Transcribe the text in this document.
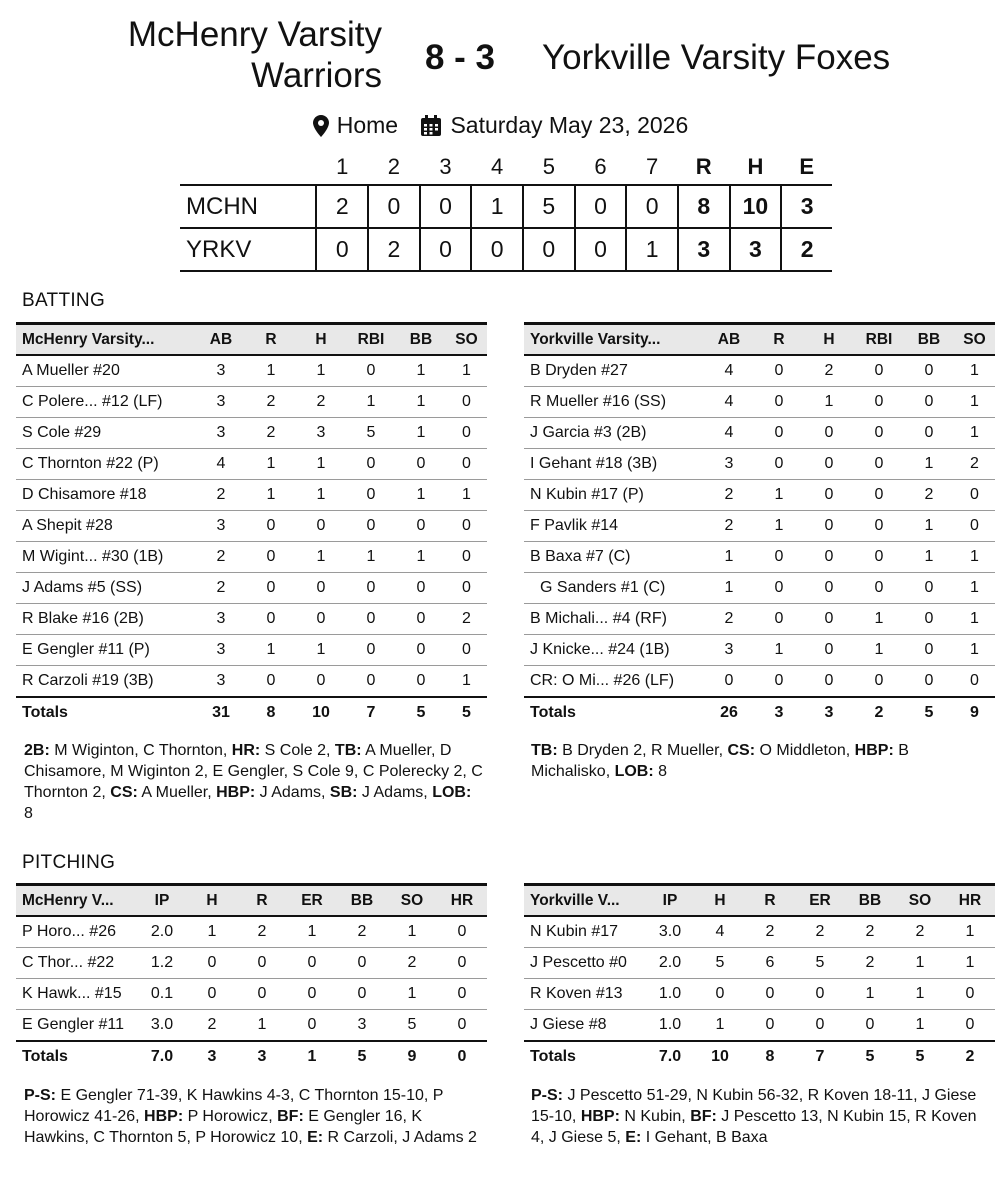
McHenry Varsity
Warriors	8 - 3	Yorkville Varsity Foxes
Home
Saturday May 23, 2026
	1	2	3	4	5	6	7	R	H	E
MCHN	2	0	0	1	5	0	0	8	10	3
YRKV	0	2	0	0	0	0	1	3	3	2
BATTING
McHenry Varsity...	AB	R	H	RBI	BB	SO
A Mueller #20	3	1	1	0	1	1
C Polere... #12 (LF)	3	2	2	1	1	0
S Cole #29	3	2	3	5	1	0
C Thornton #22 (P)	4	1	1	0	0	0
D Chisamore #18	2	1	1	0	1	1
A Shepit #28	3	0	0	0	0	0
M Wigint... #30 (1B)	2	0	1	1	1	0
J Adams #5 (SS)	2	0	0	0	0	0
R Blake #16 (2B)	3	0	0	0	0	2
E Gengler #11 (P)	3	1	1	0	0	0
R Carzoli #19 (3B)	3	0	0	0	0	1
Totals	31	8	10	7	5	5
Yorkville Varsity...	AB	R	H	RBI	BB	SO
B Dryden #27	4	0	2	0	0	1
R Mueller #16 (SS)	4	0	1	0	0	1
J Garcia #3 (2B)	4	0	0	0	0	1
I Gehant #18 (3B)	3	0	0	0	1	2
N Kubin #17 (P)	2	1	0	0	2	0
F Pavlik #14	2	1	0	0	1	0
B Baxa #7 (C)	1	0	0	0	1	1
G Sanders #1 (C)	1	0	0	0	0	1
B Michali... #4 (RF)	2	0	0	1	0	1
J Knicke... #24 (1B)	3	1	0	1	0	1
CR: O Mi... #26 (LF)	0	0	0	0	0	0
Totals	26	3	3	2	5	9
2B: M Wiginton, C Thornton, HR: S Cole 2, TB: A Mueller, D Chisamore, M Wiginton 2, E Gengler, S Cole 9, C Polerecky 2, C Thornton 2, CS: A Mueller, HBP: J Adams, SB: J Adams, LOB: 8
TB: B Dryden 2, R Mueller, CS: O Middleton, HBP: B Michalisko, LOB: 8
PITCHING
McHenry V...	IP	H	R	ER	BB	SO	HR
P Horo... #26	2.0	1	2	1	2	1	0
C Thor... #22	1.2	0	0	0	0	2	0
K Hawk... #15	0.1	0	0	0	0	1	0
E Gengler #11	3.0	2	1	0	3	5	0
Totals	7.0	3	3	1	5	9	0
Yorkville V...	IP	H	R	ER	BB	SO	HR
N Kubin #17	3.0	4	2	2	2	2	1
J Pescetto #0	2.0	5	6	5	2	1	1
R Koven #13	1.0	0	0	0	1	1	0
J Giese #8	1.0	1	0	0	0	1	0
Totals	7.0	10	8	7	5	5	2
P-S: E Gengler 71-39, K Hawkins 4-3, C Thornton 15-10, P Horowicz 41-26, HBP: P Horowicz, BF: E Gengler 16, K Hawkins, C Thornton 5, P Horowicz 10, E: R Carzoli, J Adams 2
P-S: J Pescetto 51-29, N Kubin 56-32, R Koven 18-11, J Giese 15-10, HBP: N Kubin, BF: J Pescetto 13, N Kubin 15, R Koven 4, J Giese 5, E: I Gehant, B Baxa
